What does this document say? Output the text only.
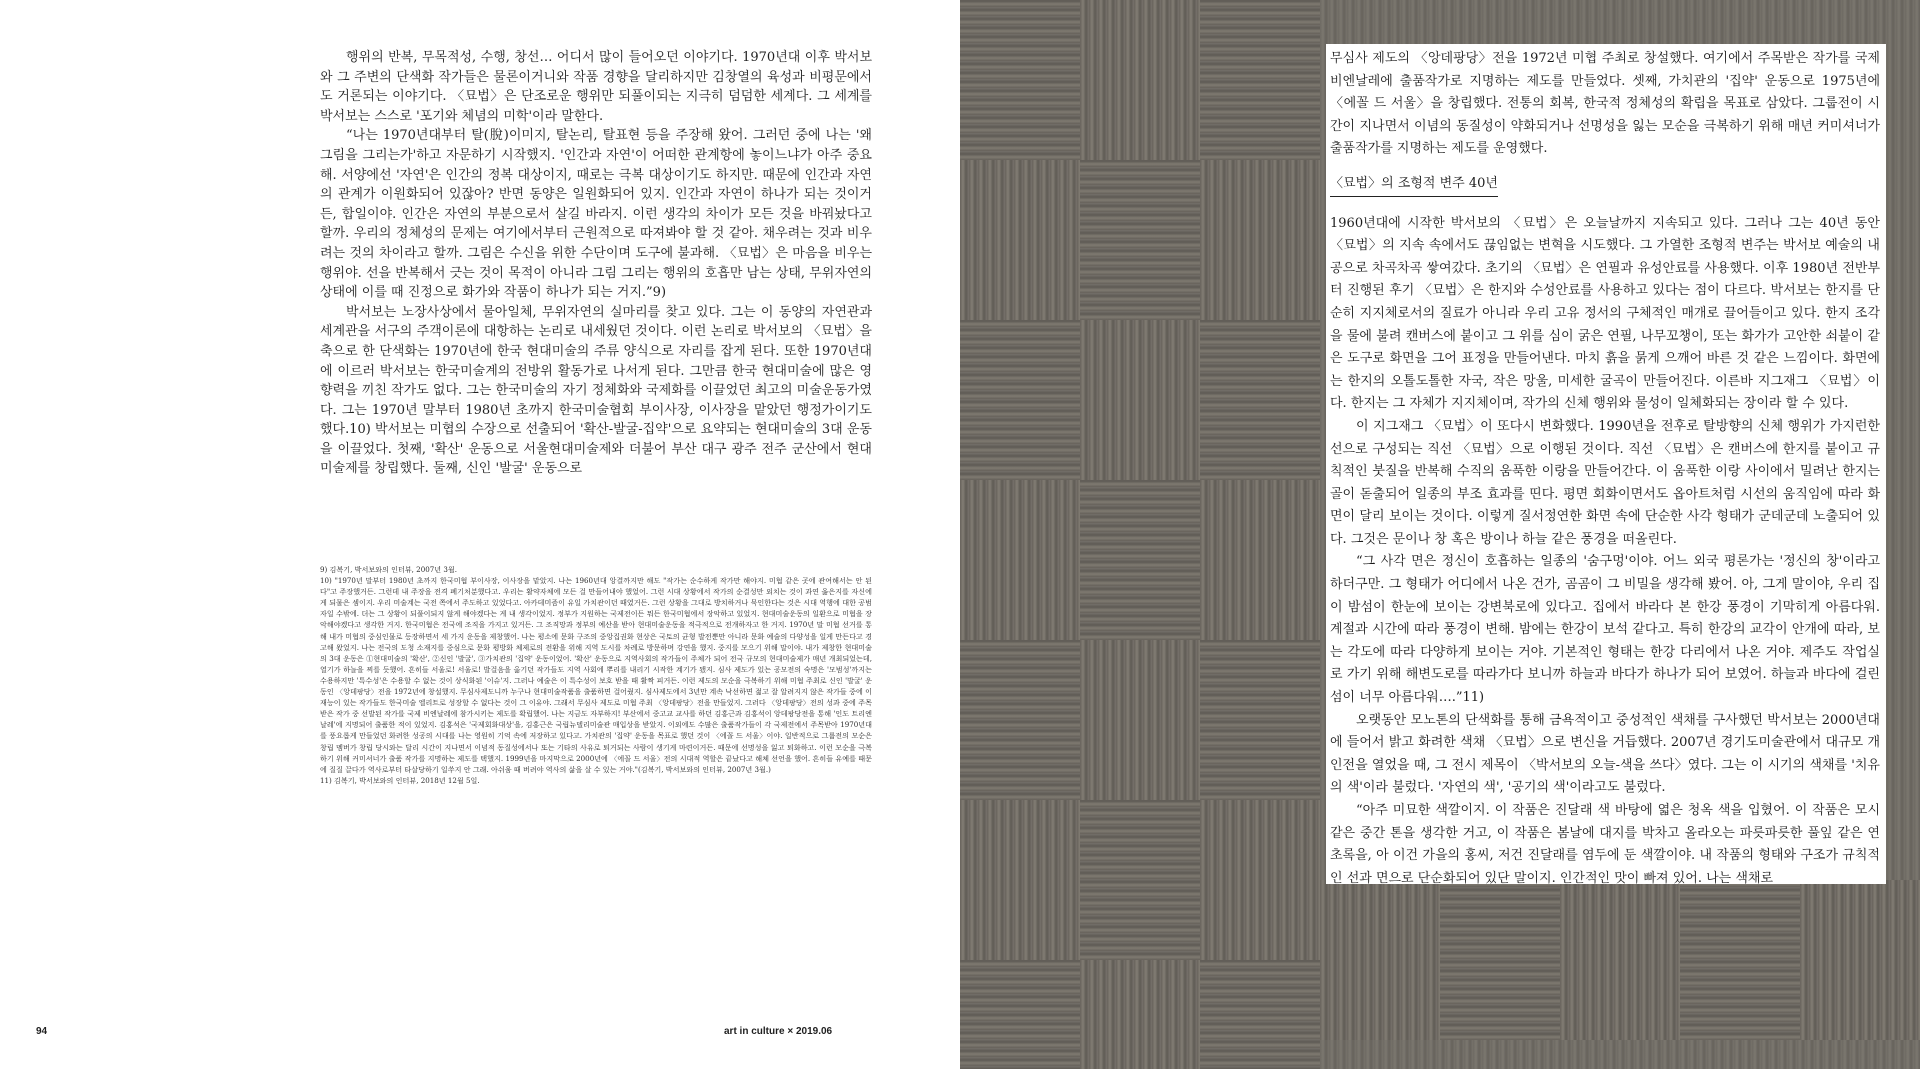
행위의 반복, 무목적성, 수행, 창선… 어디서 많이 들어오던 이야기다. 1970년대 이후 박서보와 그 주변의 단색화 작가들은 물론이거니와 작품 경향을 달리하지만 김창열의 육성과 비평문에서도 거론되는 이야기다. 〈묘법〉은 단조로운 행위만 되풀이되는 지극히 덤덤한 세계다. 그 세계를 박서보는 스스로 '포기와 체념의 미학'이라 말한다.

“나는 1970년대부터 탈(脫)이미지, 탈논리, 탈표현 등을 주장해 왔어. 그러던 중에 나는 '왜 그림을 그리는가'하고 자문하기 시작했지. '인간과 자연'이 어떠한 관계항에 놓이느냐가 아주 중요해. 서양에선 '자연'은 인간의 정복 대상이지, 때로는 극복 대상이기도 하지만. 때문에 인간과 자연의 관계가 이원화되어 있잖아? 반면 동양은 일원화되어 있지. 인간과 자연이 하나가 되는 것이거든, 합일이야. 인간은 자연의 부분으로서 살길 바라지. 이런 생각의 차이가 모든 것을 바꿔놨다고 할까. 우리의 정체성의 문제는 여기에서부터 근원적으로 따져봐야 할 것 같아. 채우려는 것과 비우려는 것의 차이라고 할까. 그림은 수신을 위한 수단이며 도구에 불과해. 〈묘법〉은 마음을 비우는 행위야. 선을 반복해서 긋는 것이 목적이 아니라 그림 그리는 행위의 호흡만 남는 상태, 무위자연의 상태에 이를 때 진정으로 화가와 작품이 하나가 되는 거지.”9)

박서보는 노장사상에서 물아일체, 무위자연의 실마리를 찾고 있다. 그는 이 동양의 자연관과 세계관을 서구의 주객이론에 대항하는 논리로 내세웠던 것이다. 이런 논리로 박서보의 〈묘법〉을 축으로 한 단색화는 1970년에 한국 현대미술의 주류 양식으로 자리를 잡게 된다. 또한 1970년대에 이르러 박서보는 한국미술계의 전방위 활동가로 나서게 된다. 그만큼 한국 현대미술에 많은 영향력을 끼친 작가도 없다. 그는 한국미술의 자기 정체화와 국제화를 이끌었던 최고의 미술운동가였다. 그는 1970년 말부터 1980년 초까지 한국미술협회 부이사장, 이사장을 맡았던 행정가이기도 했다.10) 박서보는 미협의 수장으로 선출되어 '확산-발굴-집약'으로 요약되는 현대미술의 3대 운동을 이끌었다. 첫째, '확산' 운동으로 서울현대미술제와 더불어 부산 대구 광주 전주 군산에서 현대미술제를 창립했다. 둘째, 신인 '발굴' 운동으로

9) 김복기, 박서보와의 인터뷰, 2007년 3월.

10) "1970년 말부터 1980년 초까지 한국미협 부이사장, 이사장을 맡았지. 나는 1960년대 앙결까지만 해도 "작가는 순수하게 작가만 해야지. 미협 같은 곳에 관여해서는 안 된다"고 주장했거든. 그런데 내 주장을 전격 폐기처분했다고. 우리는 활약자체에 모든 걸 만들어내야 했었어. 그런 시대 상황에서 작가의 순결성만 외치는 것이 과연 옳은지를 자신에게 되물은 셈이지. 우리 미술계는 국전 쪽에서 주도하고 있었다고. 아카데미즘이 유일 가치관이던 때였거든. 그런 상황을 그대로 방치하거나 묵인한다는 것은 시대 역행에 대한 공범자일 수밖에. 더는 그 상황이 되풀이되지 않게 해야겠다는 게 내 생각이었지. 정부가 지원하는 국제전이든 뭐든 한국미협에서 장악하고 있었지. 현대미술운동의 일환으로 미협을 장악해야겠다고 생각한 거지. 한국미협은 전국에 조직을 가지고 있거든. 그 조직망과 정부의 예산을 받아 현대미술운동을 적극적으로 전개하자고 한 거지. 1970년 말 미협 선거를 통해 내가 미협의 중심인물로 등장하면서 세 가지 운동을 제창했어. 나는 평소에 문화 구조의 중앙집권화 현상은 국토의 균형 발전뿐만 아니라 문화 예술의 다양성을 일게 만든다고 경고해 왔었지. 나는 전국의 도청 소재지를 중심으로 문화 평방화 체제로의 전환을 위해 지역 도시를 차례로 방문하며 강연을 했지. 중지를 모으기 위해 말이야. 내가 제창한 현대미술의 3대 운동은 ①현대미술의 '확산', ②신인 '발굴', ③가치관의 '집약' 운동이었어. '확산' 운동으로 지역사회의 작가들이 주체가 되어 전국 규모의 현대미술제가 매년 개최되었는데, 열기가 하늘을 찌를 듯했어. 흔히들 서울로! 서울로! 발걸음을 옮기던 작가들도 지역 사회에 뿌리를 내리기 시작한 계기가 됐지. 심사 제도가 있는 공모전의 숙명은 '모범성'까지는 수용하지만 '특수성'은 수용할 수 없는 것이 상식화된 '이슈'지. 그러나 예술은 이 특수성이 보호 받을 때 활짝 피거든. 이런 제도의 모순을 극복하기 위해 미협 주최로 신인 '발굴' 운동인 〈앙데팡당〉전을 1972년에 창설했지. 무심사제도니까 누구나 현대미술작품을 출품하면 걸어줬지. 심사제도에서 3년만 계속 낙선하면 젊고 잘 알려지지 않은 작가들 중에 이 재능이 있는 작가들도 한국미술 엘리트로 성장할 수 없다는 것이 그 이유야. 그래서 무심사 제도로 미협 주최 〈앙데팡당〉전을 만들었지. 그러다 〈앙데팡당〉전의 성과 중에 주목받은 작가 중 선발된 작가를 국제 비엔날레에 참가시키는 제도를 확립했어. 나는 지금도 자부하지! 부산에서 중고교 교사를 하던 김홍근과 김홍석이 앙데팡당전을 통해 '인도 트리엔날레'에 지명되어 출품한 적이 있었지. 김홍석은 '국제회화대상'을, 김홍근은 국립뉴델리미술관 매입상을 받았지. 이외에도 수많은 출품작가들이 각 국제전에서 주목받아 1970년대를 풍요롭게 만들었던 화려한 성공의 시대를 나는 영원히 기억 속에 저장하고 있다고. 가치관의 '집약' 운동을 목표로 했던 것이 〈에꼴 드 서울〉이야. 일반적으로 그룹전의 모순은 창립 멤버가 창립 당시와는 달리 시간이 지나면서 이념적 동질성에서나 또는 기타의 사유로 퇴거되는 사람이 생기게 마련이거든. 때문에 선명성을 잃고 퇴화하고. 이런 모순을 극복하기 위해 커미셔너가 출품 작가를 지명하는 제도를 택했지. 1999년을 마지막으로 2000년에 〈에꼴 드 서울〉전의 시대적 역할은 끝났다고 해체 선언을 했어. 흔히들 유예를 때문에 질질 끌다가 역사로부터 타살당하기 일쑤지 안 그래. 아쉬움 때 버려야 역사의 삶을 살 수 있는 거야."(김복기, 박서보와의 인터뷰, 2007년 3월.)

11) 김복기, 박서보와의 인터뷰, 2018년 12월 5일.

94	art in culture × 2019.06

무심사 제도의 〈앙데팡당〉전을 1972년 미협 주최로 창설했다. 여기에서 주목받은 작가를 국제 비엔날레에 출품작가로 지명하는 제도를 만들었다. 셋째, 가치관의 '집약' 운동으로 1975년에 〈에꼴 드 서울〉을 창립했다. 전통의 회복, 한국적 정체성의 확립을 목표로 삼았다. 그룹전이 시간이 지나면서 이념의 동질성이 약화되거나 선명성을 잃는 모순을 극복하기 위해 매년 커미셔너가 출품작가를 지명하는 제도를 운영했다.

〈묘법〉의 조형적 변주 40년

1960년대에 시작한 박서보의 〈묘법〉은 오늘날까지 지속되고 있다. 그러나 그는 40년 동안 〈묘법〉의 지속 속에서도 끊임없는 변혁을 시도했다. 그 가열한 조형적 변주는 박서보 예술의 내공으로 차곡차곡 쌓여갔다. 초기의 〈묘법〉은 연필과 유성안료를 사용했다. 이후 1980년 전반부터 진행된 후기 〈묘법〉은 한지와 수성안료를 사용하고 있다는 점이 다르다. 박서보는 한지를 단순히 지지체로서의 질료가 아니라 우리 고유 정서의 구체적인 매개로 끌어들이고 있다. 한지 조각을 물에 불려 캔버스에 붙이고 그 위를 심이 굵은 연필, 나무꼬챙이, 또는 화가가 고안한 쇠붙이 같은 도구로 화면을 그어 표정을 만들어낸다. 마치 흙을 묽게 으깨어 바른 것 같은 느낌이다. 화면에는 한지의 오톨도톨한 자국, 작은 망울, 미세한 굴곡이 만들어진다. 이른바 지그재그 〈묘법〉이다. 한지는 그 자체가 지지체이며, 작가의 신체 행위와 물성이 일체화되는 장이라 할 수 있다.

이 지그재그 〈묘법〉이 또다시 변화했다. 1990년을 전후로 탈방향의 신체 행위가 가지런한 선으로 구성되는 직선 〈묘법〉으로 이행된 것이다. 직선 〈묘법〉은 캔버스에 한지를 붙이고 규칙적인 붓질을 반복해 수직의 움푹한 이랑을 만들어간다. 이 움푹한 이랑 사이에서 밀려난 한지는 골이 돋출되어 일종의 부조 효과를 띤다. 평면 회화이면서도 옵아트처럼 시선의 움직임에 따라 화면이 달리 보이는 것이다. 이렇게 질서정연한 화면 속에 단순한 사각 형태가 군데군데 노출되어 있다. 그것은 문이나 창 혹은 방이나 하늘 같은 풍경을 떠올린다.

“그 사각 면은 정신이 호흡하는 일종의 '숨구멍'이야. 어느 외국 평론가는 '정신의 창'이라고 하더구만. 그 형태가 어디에서 나온 건가, 곰곰이 그 비밀을 생각해 봤어. 아, 그게 말이야, 우리 집이 밤섬이 한눈에 보이는 강변북로에 있다고. 집에서 바라다 본 한강 풍경이 기막히게 아름다워. 계절과 시간에 따라 풍경이 변해. 밤에는 한강이 보석 같다고. 특히 한강의 교각이 안개에 따라, 보는 각도에 따라 다양하게 보이는 거야. 기본적인 형태는 한강 다리에서 나온 거야. 제주도 작업실로 가기 위해 해변도로를 따라가다 보니까 하늘과 바다가 하나가 되어 보였어. 하늘과 바다에 걸린 섬이 너무 아름다워….”11)

오랫동안 모노톤의 단색화를 통해 금욕적이고 중성적인 색채를 구사했던 박서보는 2000년대에 들어서 밝고 화려한 색채 〈묘법〉으로 변신을 거듭했다. 2007년 경기도미술관에서 대규모 개인전을 열었을 때, 그 전시 제목이 〈박서보의 오늘-색을 쓰다〉였다. 그는 이 시기의 색채를 '치유의 색'이라 불렀다. '자연의 색', '공기의 색'이라고도 불렀다.

“아주 미묘한 색깔이지. 이 작품은 진달래 색 바탕에 엷은 청옥 색을 입혔어. 이 작품은 모시 같은 중간 톤을 생각한 거고, 이 작품은 봄날에 대지를 박차고 올라오는 파릇파릇한 풀잎 같은 연초록을, 아 이건 가을의 홍씨, 저건 진달래를 염두에 둔 색깔이야. 내 작품의 형태와 구조가 규칙적인 선과 면으로 단순화되어 있단 말이지. 인간적인 맛이 빠져 있어. 나는 색채로
